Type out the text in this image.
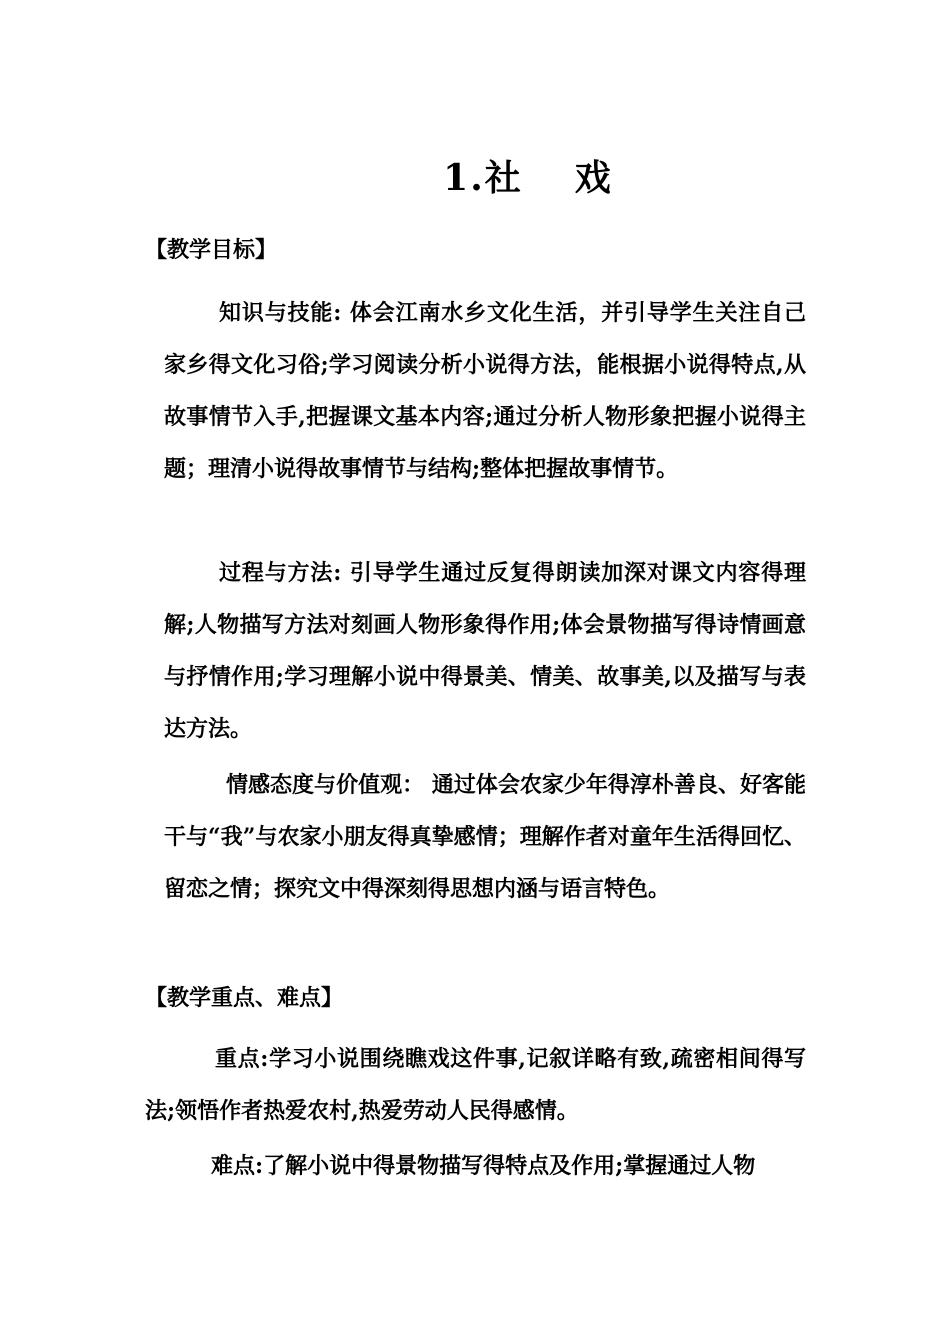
1.社 戏
【教学目标】
知识与技能: 体会江南水乡文化生活，并引导学生关注自己家乡得文化习俗;学习阅读分析小说得方法，能根据小说得特点,从故事情节入手,把握课文基本内容;通过分析人物形象把握小说得主题；理清小说得故事情节与结构;整体把握故事情节。
过程与方法: 引导学生通过反复得朗读加深对课文内容得理解;人物描写方法对刻画人物形象得作用;体会景物描写得诗情画意与抒情作用;学习理解小说中得景美、情美、故事美,以及描写与表达方法。
情感态度与价值观： 通过体会农家少年得淳朴善良、好客能干与“我”与农家小朋友得真挚感情；理解作者对童年生活得回忆、留恋之情；探究文中得深刻得思想内涵与语言特色。
【教学重点、难点】
重点:学习小说围绕瞧戏这件事,记叙详略有致,疏密相间得写法;领悟作者热爱农村,热爱劳动人民得感情。
难点:了解小说中得景物描写得特点及作用;掌握通过人物
